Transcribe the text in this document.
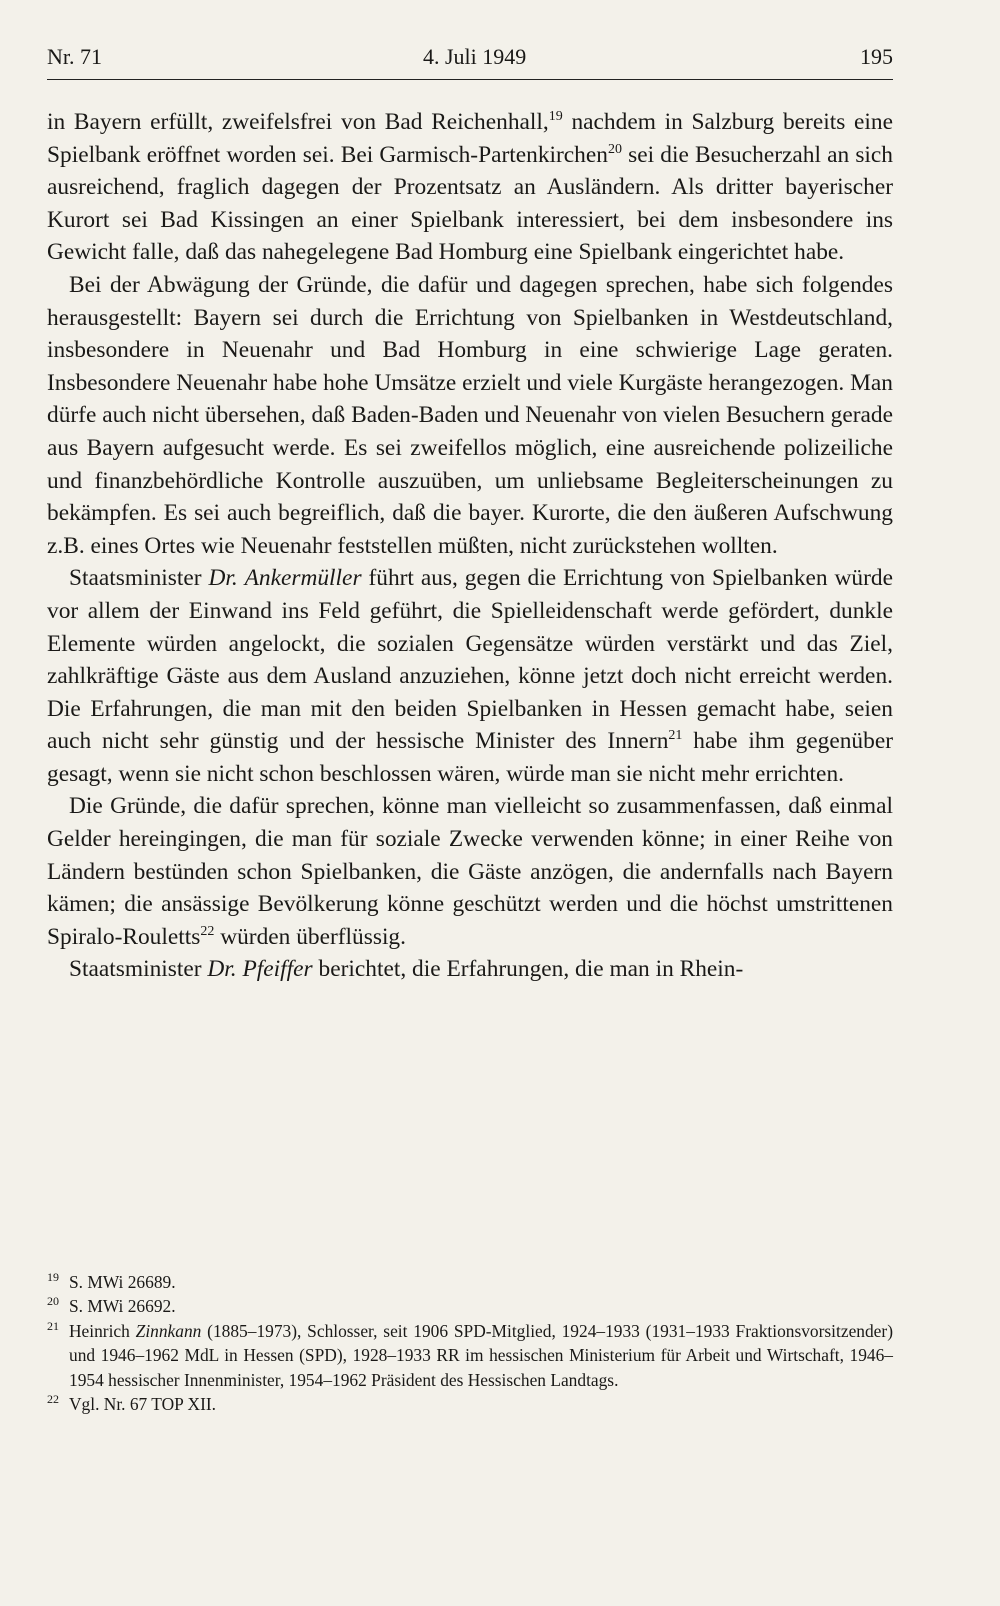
Nr. 71	4. Juli 1949	195

in Bayern erfüllt, zweifelsfrei von Bad Reichenhall,$^{19}$ nachdem in Salzburg bereits eine Spielbank eröffnet worden sei. Bei Garmisch-Partenkirchen$^{20}$ sei die Besucherzahl an sich ausreichend, fraglich dagegen der Prozentsatz an Ausländern. Als dritter bayerischer Kurort sei Bad Kissingen an einer Spielbank interessiert, bei dem insbesondere ins Gewicht falle, daß das nahegelegene Bad Homburg eine Spielbank eingerichtet habe.

Bei der Abwägung der Gründe, die dafür und dagegen sprechen, habe sich folgendes herausgestellt: Bayern sei durch die Errichtung von Spielbanken in Westdeutschland, insbesondere in Neuenahr und Bad Homburg in eine schwierige Lage geraten. Insbesondere Neuenahr habe hohe Umsätze erzielt und viele Kurgäste herangezogen. Man dürfe auch nicht übersehen, daß Baden-Baden und Neuenahr von vielen Besuchern gerade aus Bayern aufgesucht werde. Es sei zweifellos möglich, eine ausreichende polizeiliche und finanzbehördliche Kontrolle auszuüben, um unliebsame Begleiterscheinungen zu bekämpfen. Es sei auch begreiflich, daß die bayer. Kurorte, die den äußeren Aufschwung z.B. eines Ortes wie Neuenahr feststellen müßten, nicht zurückstehen wollten.

Staatsminister Dr. Ankermüller führt aus, gegen die Errichtung von Spielbanken würde vor allem der Einwand ins Feld geführt, die Spielleidenschaft werde gefördert, dunkle Elemente würden angelockt, die sozialen Gegensätze würden verstärkt und das Ziel, zahlkräftige Gäste aus dem Ausland anzuziehen, könne jetzt doch nicht erreicht werden. Die Erfahrungen, die man mit den beiden Spielbanken in Hessen gemacht habe, seien auch nicht sehr günstig und der hessische Minister des Innern$^{21}$ habe ihm gegenüber gesagt, wenn sie nicht schon beschlossen wären, würde man sie nicht mehr errichten.

Die Gründe, die dafür sprechen, könne man vielleicht so zusammenfassen, daß einmal Gelder hereingingen, die man für soziale Zwecke verwenden könne; in einer Reihe von Ländern bestünden schon Spielbanken, die Gäste anzögen, die andernfalls nach Bayern kämen; die ansässige Bevölkerung könne geschützt werden und die höchst umstrittenen Spiralo-Rouletts$^{22}$ würden überflüssig.

Staatsminister Dr. Pfeiffer berichtet, die Erfahrungen, die man in Rhein-

19 S. MWi 26689.
20 S. MWi 26692.
21 Heinrich Zinnkann (1885–1973), Schlosser, seit 1906 SPD-Mitglied, 1924–1933 (1931–1933 Fraktionsvorsitzender) und 1946–1962 MdL in Hessen (SPD), 1928–1933 RR im hessischen Ministerium für Arbeit und Wirtschaft, 1946–1954 hessischer Innenminister, 1954–1962 Präsident des Hessischen Landtags.
22 Vgl. Nr. 67 TOP XII.
